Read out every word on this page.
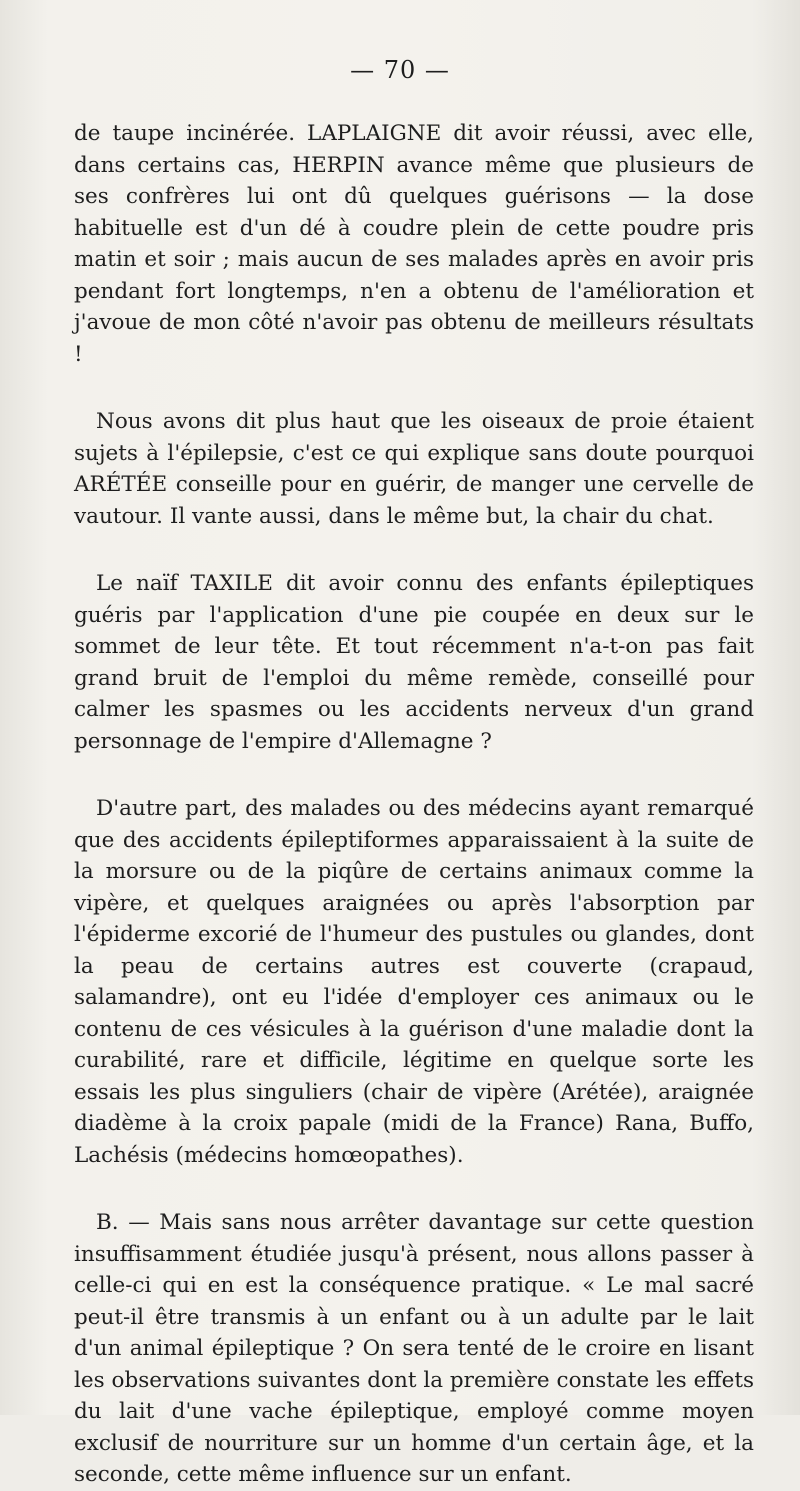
— 70 —

de taupe incinérée. LAPLAIGNE dit avoir réussi, avec elle, dans certains cas, HERPIN avance même que plusieurs de ses confrères lui ont dû quelques guérisons — la dose habituelle est d'un dé à coudre plein de cette poudre pris matin et soir ; mais aucun de ses malades après en avoir pris pendant fort longtemps, n'en a obtenu de l'amélioration et j'avoue de mon côté n'avoir pas obtenu de meilleurs résultats !

Nous avons dit plus haut que les oiseaux de proie étaient sujets à l'épilepsie, c'est ce qui explique sans doute pourquoi ARÉTÉE conseille pour en guérir, de manger une cervelle de vautour. Il vante aussi, dans le même but, la chair du chat.

Le naïf TAXILE dit avoir connu des enfants épileptiques guéris par l'application d'une pie coupée en deux sur le sommet de leur tête. Et tout récemment n'a-t-on pas fait grand bruit de l'emploi du même remède, conseillé pour calmer les spasmes ou les accidents nerveux d'un grand personnage de l'empire d'Allemagne ?

D'autre part, des malades ou des médecins ayant remarqué que des accidents épileptiformes apparaissaient à la suite de la morsure ou de la piqûre de certains animaux comme la vipère, et quelques araignées ou après l'absorption par l'épiderme excorié de l'humeur des pustules ou glandes, dont la peau de certains autres est couverte (crapaud, salamandre), ont eu l'idée d'employer ces animaux ou le contenu de ces vésicules à la guérison d'une maladie dont la curabilité, rare et difficile, légitime en quelque sorte les essais les plus singuliers (chair de vipère (Arétée), araignée diadème à la croix papale (midi de la France) Rana, Buffo, Lachésis (médecins homœopathes).

B. — Mais sans nous arrêter davantage sur cette question insuffisamment étudiée jusqu'à présent, nous allons passer à celle-ci qui en est la conséquence pratique. « Le mal sacré peut-il être transmis à un enfant ou à un adulte par le lait d'un animal épileptique ? On sera tenté de le croire en lisant les observations suivantes dont la première constate les effets du lait d'une vache épileptique, employé comme moyen exclusif de nourriture sur un homme d'un certain âge, et la seconde, cette même influence sur un enfant.
